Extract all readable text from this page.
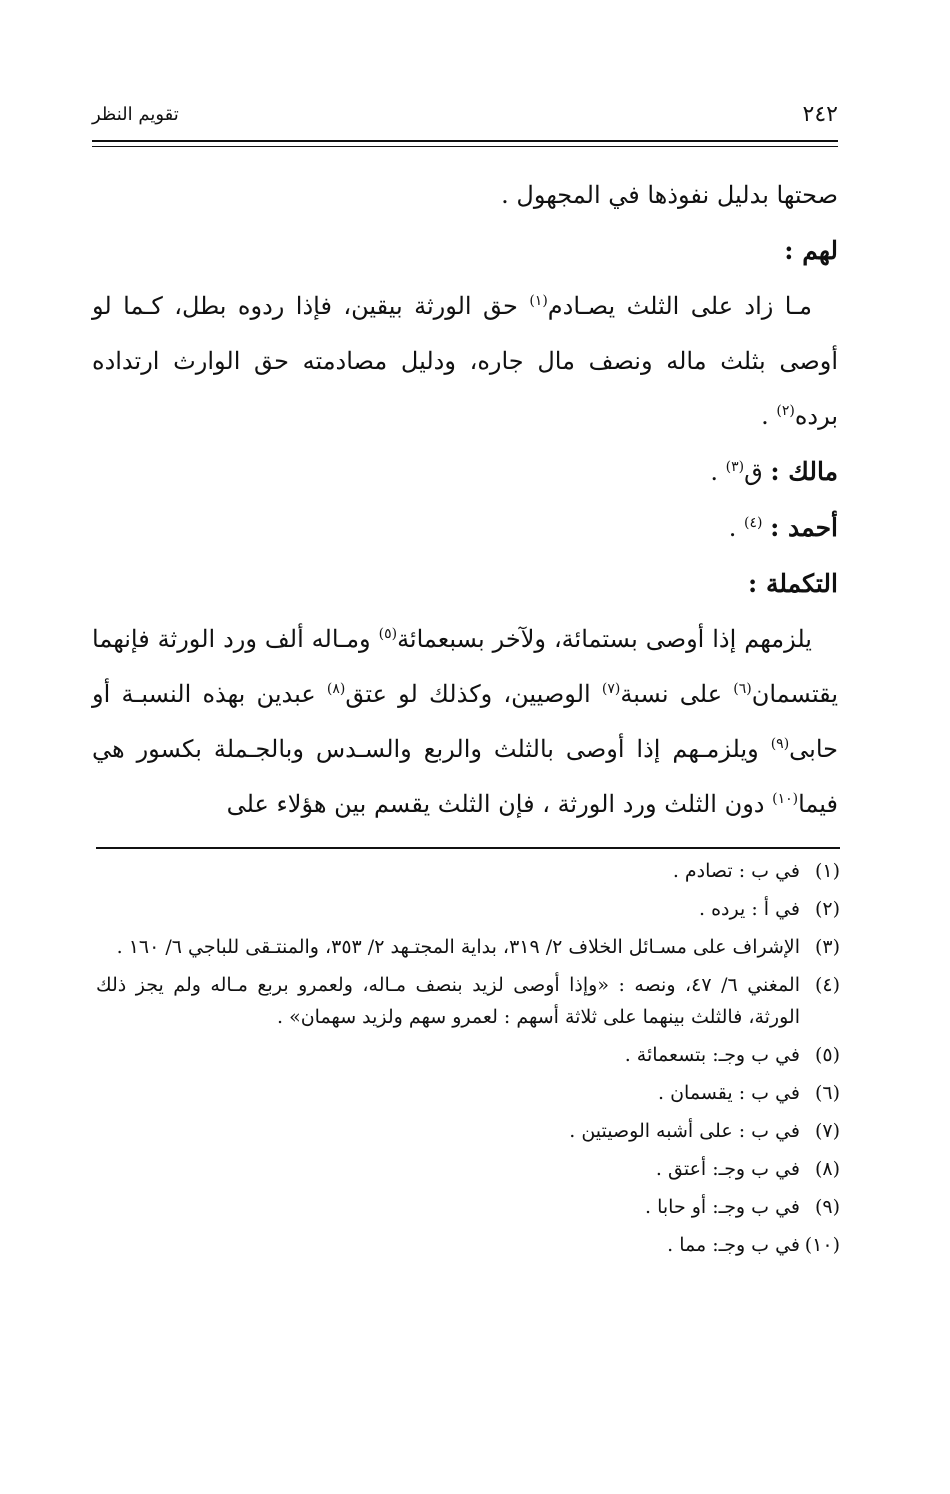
٢٤٢
تقويم النظر

صحتها بدليل نفوذها في المجهول .

لهم :

مـا زاد على الثلث يصـادم$^{(١)}$ حق الورثة بيقين، فإذا ردوه بطل، كـما لو أوصى بثلث ماله ونصف مال جاره، ودليل مصادمته حق الوارث ارتداده برده$^{(٢)}$ .

مالك : ق$^{(٣)}$ .

أحمد : $^{(٤)}$ .

التكملة :

يلزمهم إذا أوصى بستمائة، ولآخر بسبعمائة$^{(٥)}$ ومـاله ألف ورد الورثة فإنهما يقتسمان$^{(٦)}$ على نسبة$^{(٧)}$ الوصيين، وكذلك لو عتق$^{(٨)}$ عبدين بهذه النسبـة أو حابى$^{(٩)}$ ويلزمـهم إذا أوصى بالثلث والربع والسـدس وبالجـملة بكسور هي فيما$^{(١٠)}$ دون الثلث ورد الورثة ، فإن الثلث يقسم بين هؤلاء على

(١)
في ب : تصادم .

(٢)
في أ : يرده .

(٣)
الإشراف على مسـائل الخلاف ٢/ ٣١٩، بداية المجتـهد ٢/ ٣٥٣، والمنتـقى للباجي ٦/ ١٦٠ .

(٤)
المغني ٦/ ٤٧، ونصه : «وإذا أوصى لزيد بنصف مـاله، ولعمرو بربع مـاله ولم يجز ذلك الورثة، فالثلث بينهما على ثلاثة أسهم : لعمرو سهم ولزيد سهمان» .

(٥)
في ب وجـ: بتسعمائة .

(٦)
في ب : يقسمان .

(٧)
في ب : على أشبه الوصيتين .

(٨)
في ب وجـ: أعتق .

(٩)
في ب وجـ: أو حابا .

(١٠)
في ب وجـ: مما .
